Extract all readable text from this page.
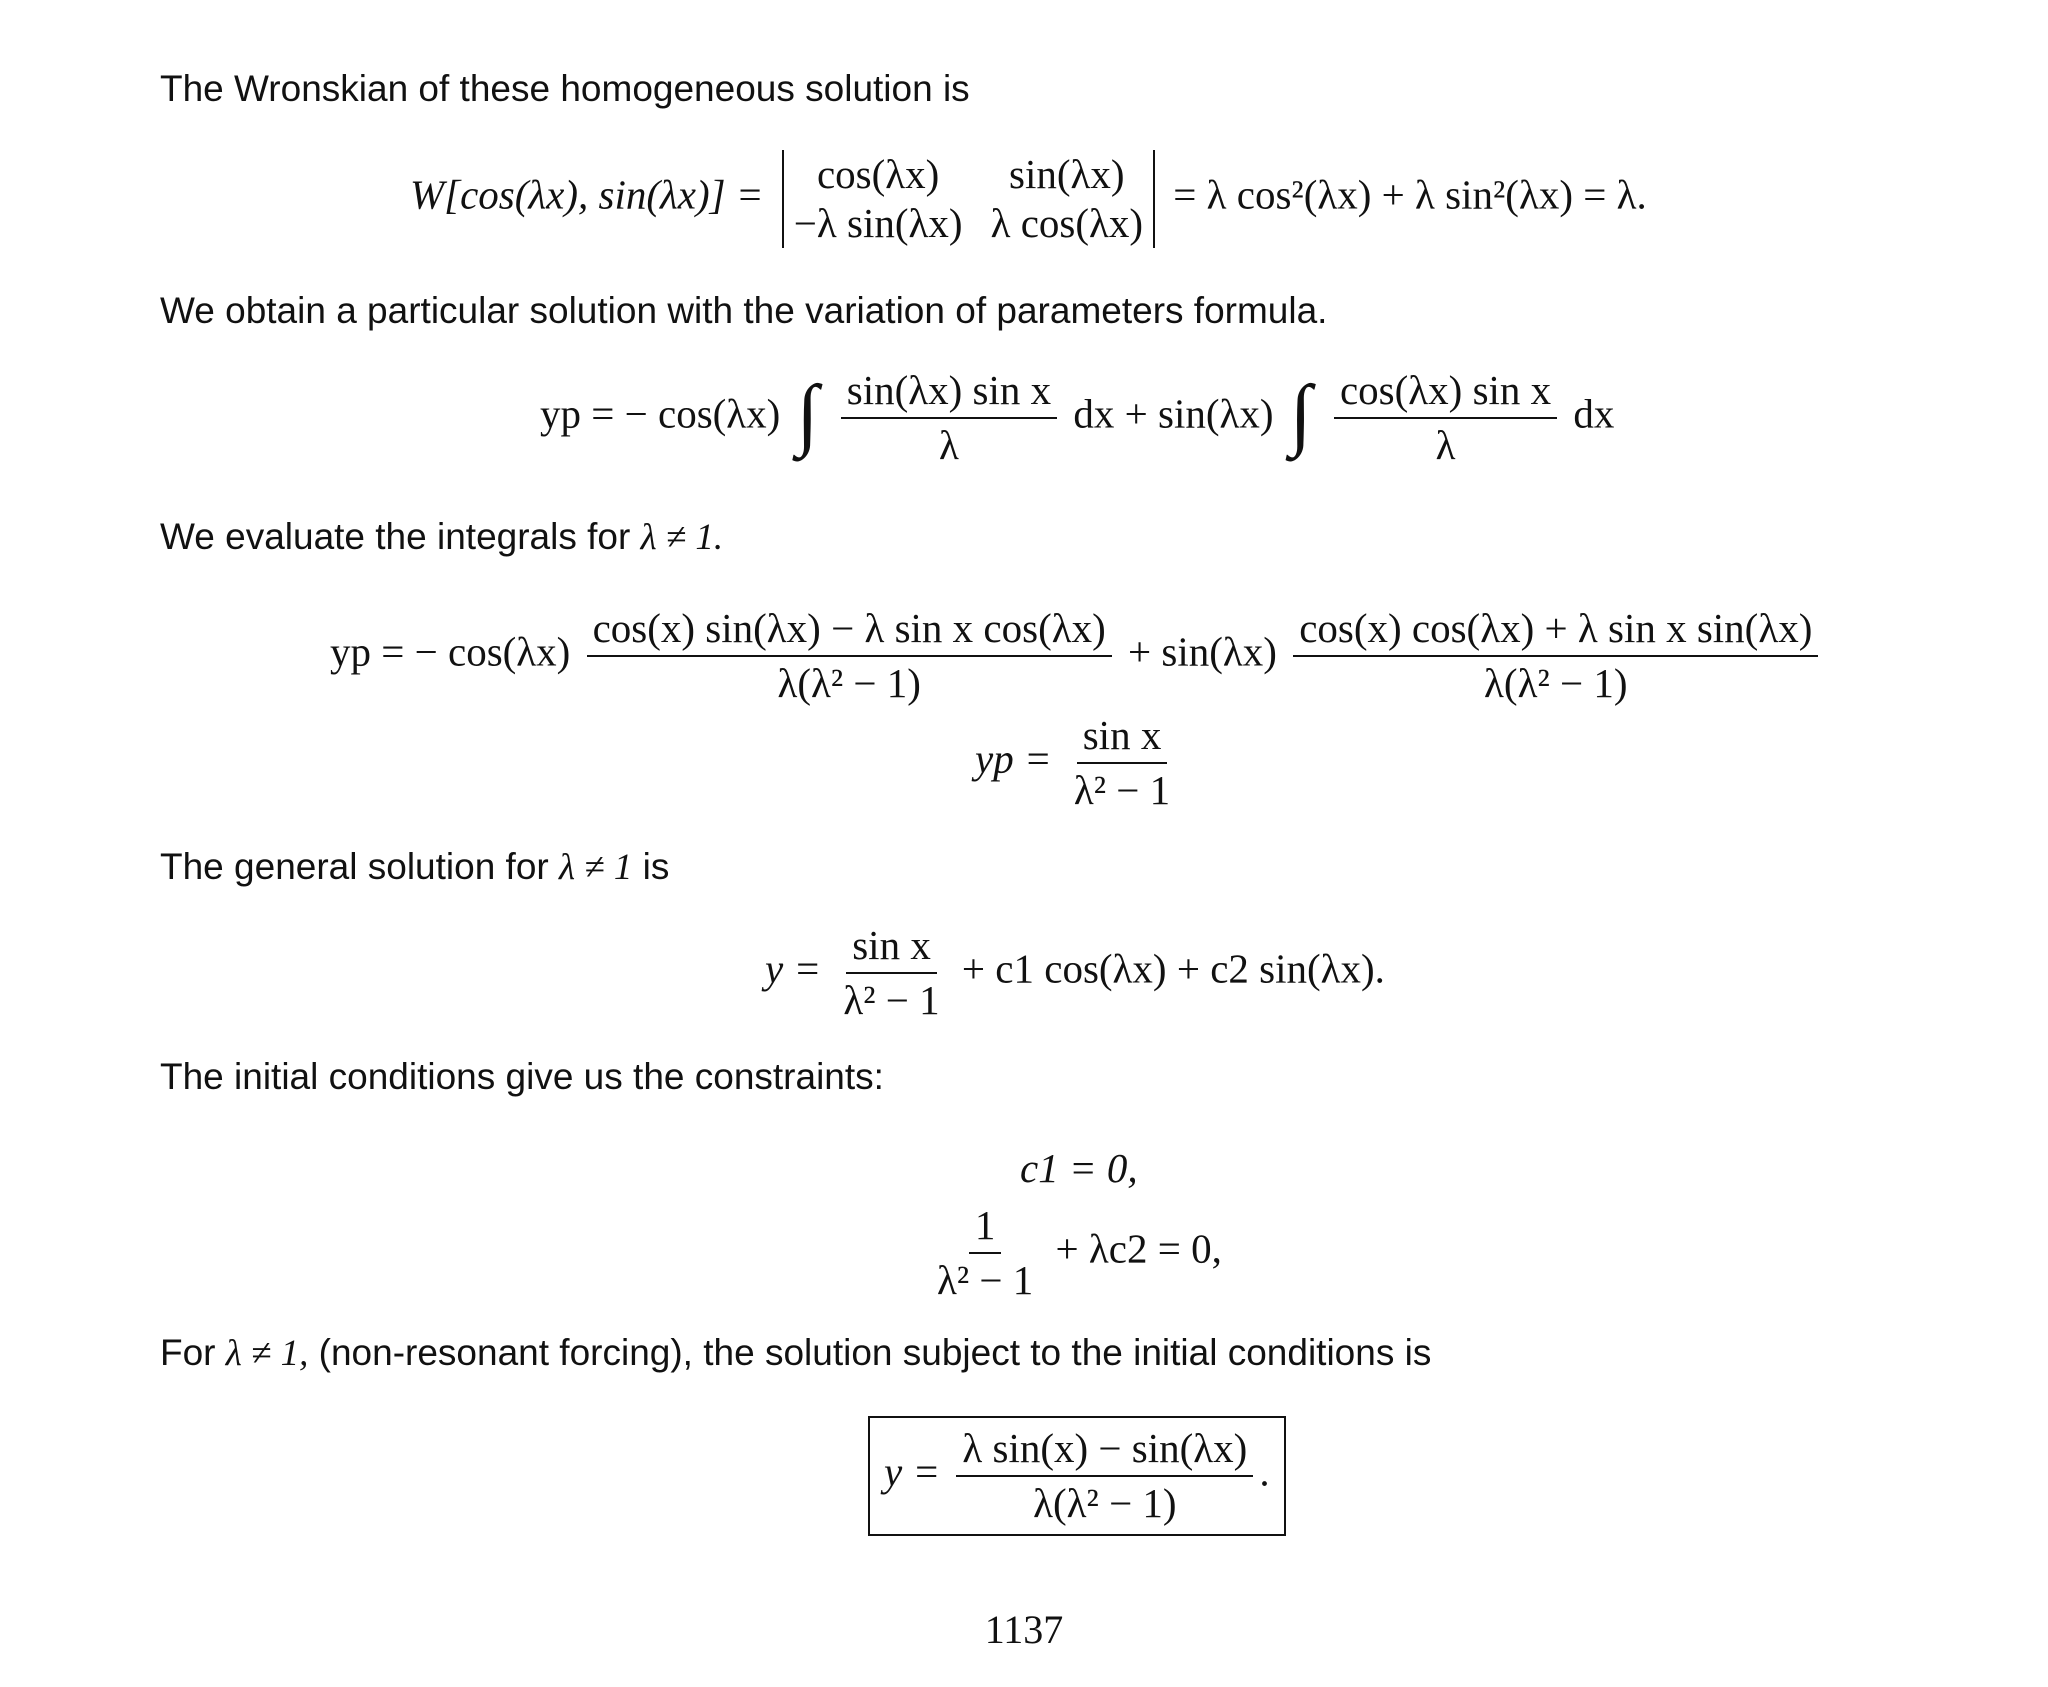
The Wronskian of these homogeneous solution is
W[cos(λx), sin(λx)] =	cos(λx)	sin(λx)
−λ sin(λx) λ cos(λx)
= λ cos²(λx) + λ sin²(λx) = λ.
We obtain a particular solution with the variation of parameters formula.
yp = − cos(λx) ∫ $\frac{\text{sin(λx) sin x}}{\lambda}$ dx + sin(λx) ∫ $\frac{\text{cos(λx) sin x}}{\lambda}$ dx
We evaluate the integrals for λ ≠ 1.
yp = − $\cos(\lambda x) \frac{\text{cos(x) sin(λx) − λ sin x cos(λx)}}{\text{λ(λ² − 1)}} + \sin(\lambda x) \frac{\text{cos(x) cos(λx) + λ sin x sin(λx)}}{\text{λ(λ² − 1)}}$
yp = $\frac{\text{sin x}}{\text{λ² − 1}}$
The general solution for λ ≠ 1 is
$y = \frac{\text{sin x}}{\text{λ² − 1}} + c1$ cos(λx) + c2 sin(λx).
The initial conditions give us the constraints:
c1 = 0,
$\frac{1}{\text{λ² − 1}} + \lambda c2 = 0$,
For λ ≠ 1, (non-resonant forcing), the solution subject to the initial conditions is
$y = \frac{\text{λ sin(x) − sin(λx)}}{\text{λ(λ² − 1)}}$ .
1137
